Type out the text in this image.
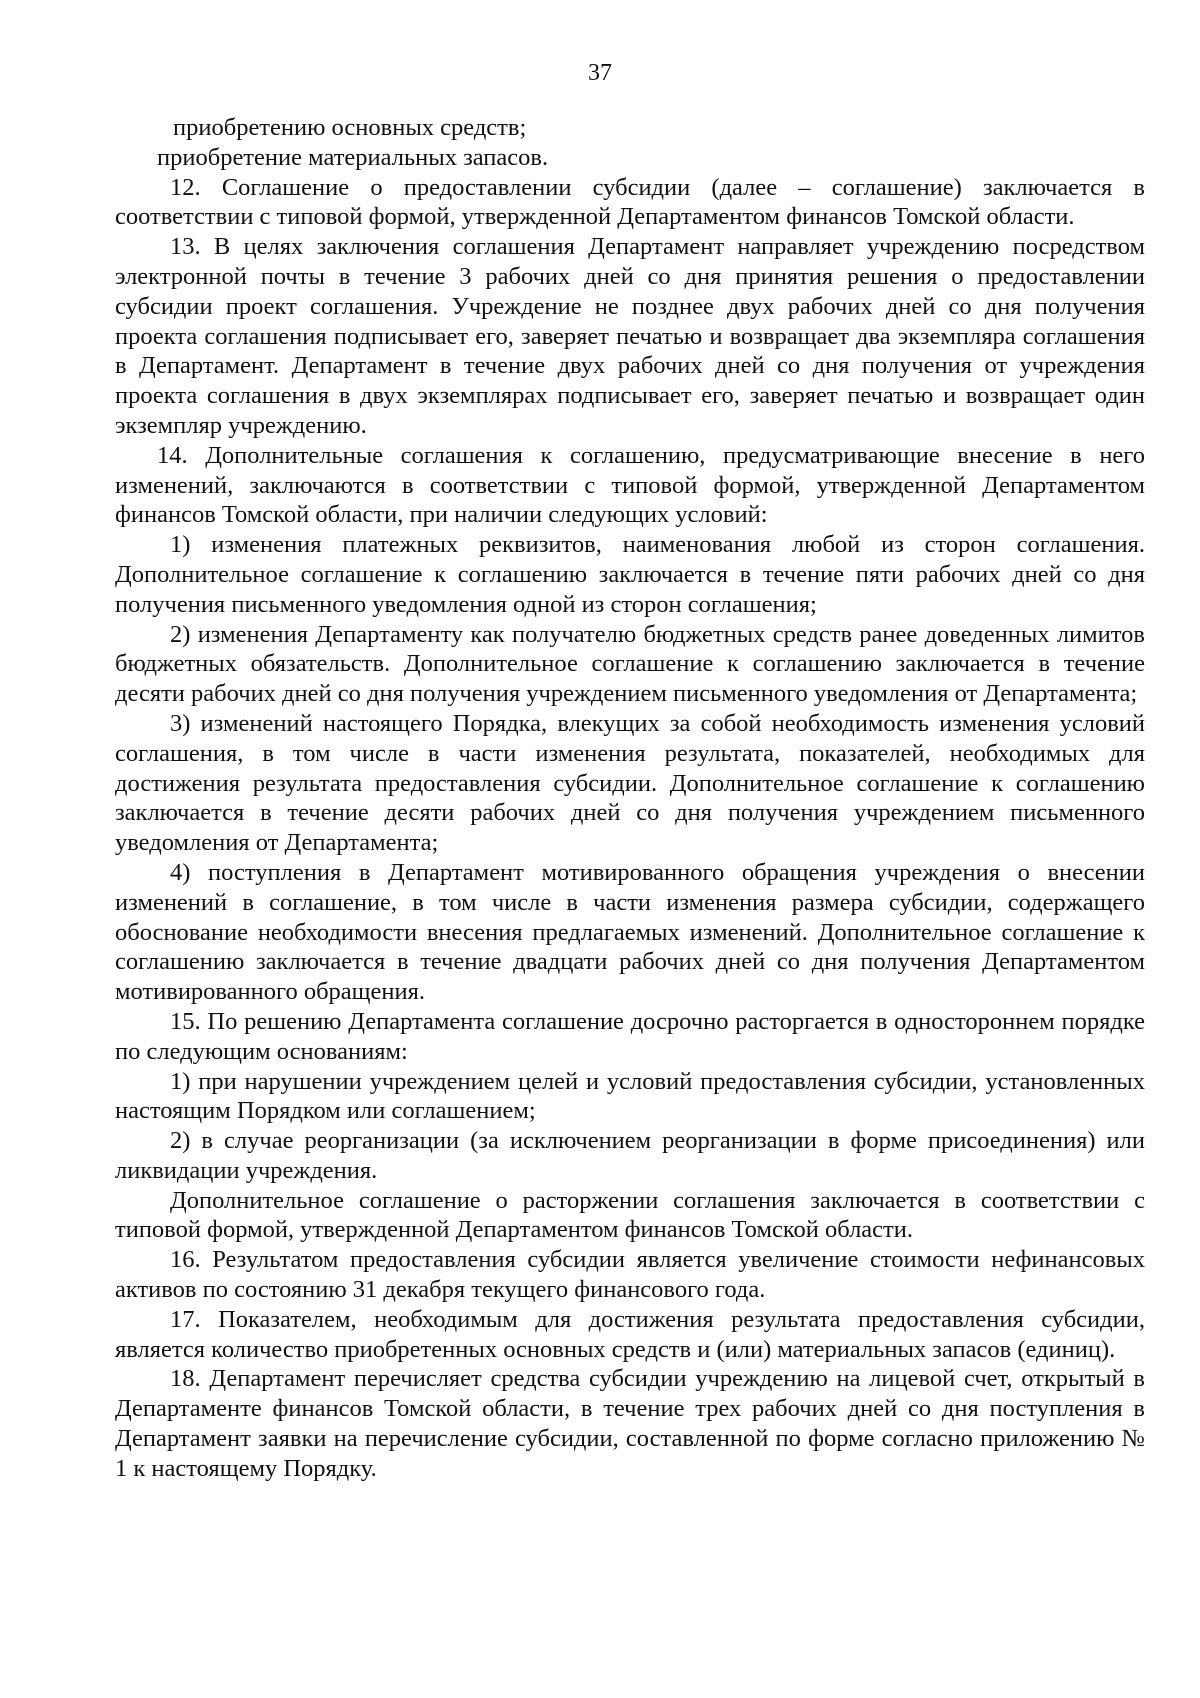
37

приобретению основных средств;

приобретение материальных запасов.

12. Соглашение о предоставлении субсидии (далее – соглашение) заключается в соответствии с типовой формой, утвержденной Департаментом финансов Томской области.

13. В целях заключения соглашения Департамент направляет учреждению посредством электронной почты в течение 3 рабочих дней со дня принятия решения о предоставлении субсидии проект соглашения. Учреждение не позднее двух рабочих дней со дня получения проекта соглашения подписывает его, заверяет печатью и возвращает два экземпляра соглашения в Департамент. Департамент в течение двух рабочих дней со дня получения от учреждения проекта соглашения в двух экземплярах подписывает его, заверяет печатью и возвращает один экземпляр учреждению.

14. Дополнительные соглашения к соглашению, предусматривающие внесение в него изменений, заключаются в соответствии с типовой формой, утвержденной Департаментом финансов Томской области, при наличии следующих условий:

1) изменения платежных реквизитов, наименования любой из сторон соглашения. Дополнительное соглашение к соглашению заключается в течение пяти рабочих дней со дня получения письменного уведомления одной из сторон соглашения;

2) изменения Департаменту как получателю бюджетных средств ранее доведенных лимитов бюджетных обязательств. Дополнительное соглашение к соглашению заключается в течение десяти рабочих дней со дня получения учреждением письменного уведомления от Департамента;

3) изменений настоящего Порядка, влекущих за собой необходимость изменения условий соглашения, в том числе в части изменения результата, показателей, необходимых для достижения результата предоставления субсидии. Дополнительное соглашение к соглашению заключается в течение десяти рабочих дней со дня получения учреждением письменного уведомления от Департамента;

4) поступления в Департамент мотивированного обращения учреждения о внесении изменений в соглашение, в том числе в части изменения размера субсидии, содержащего обоснование необходимости внесения предлагаемых изменений. Дополнительное соглашение к соглашению заключается в течение двадцати рабочих дней со дня получения Департаментом мотивированного обращения.

15. По решению Департамента соглашение досрочно расторгается в одностороннем порядке по следующим основаниям:

1) при нарушении учреждением целей и условий предоставления субсидии, установленных настоящим Порядком или соглашением;

2) в случае реорганизации (за исключением реорганизации в форме присоединения) или ликвидации учреждения.

Дополнительное соглашение о расторжении соглашения заключается в соответствии с типовой формой, утвержденной Департаментом финансов Томской области.

16. Результатом предоставления субсидии является увеличение стоимости нефинансовых активов по состоянию 31 декабря текущего финансового года.

17. Показателем, необходимым для достижения результата предоставления субсидии, является количество приобретенных основных средств и (или) материальных запасов (единиц).

18. Департамент перечисляет средства субсидии учреждению на лицевой счет, открытый в Департаменте финансов Томской области, в течение трех рабочих дней со дня поступления в Департамент заявки на перечисление субсидии, составленной по форме согласно приложению № 1 к настоящему Порядку.
